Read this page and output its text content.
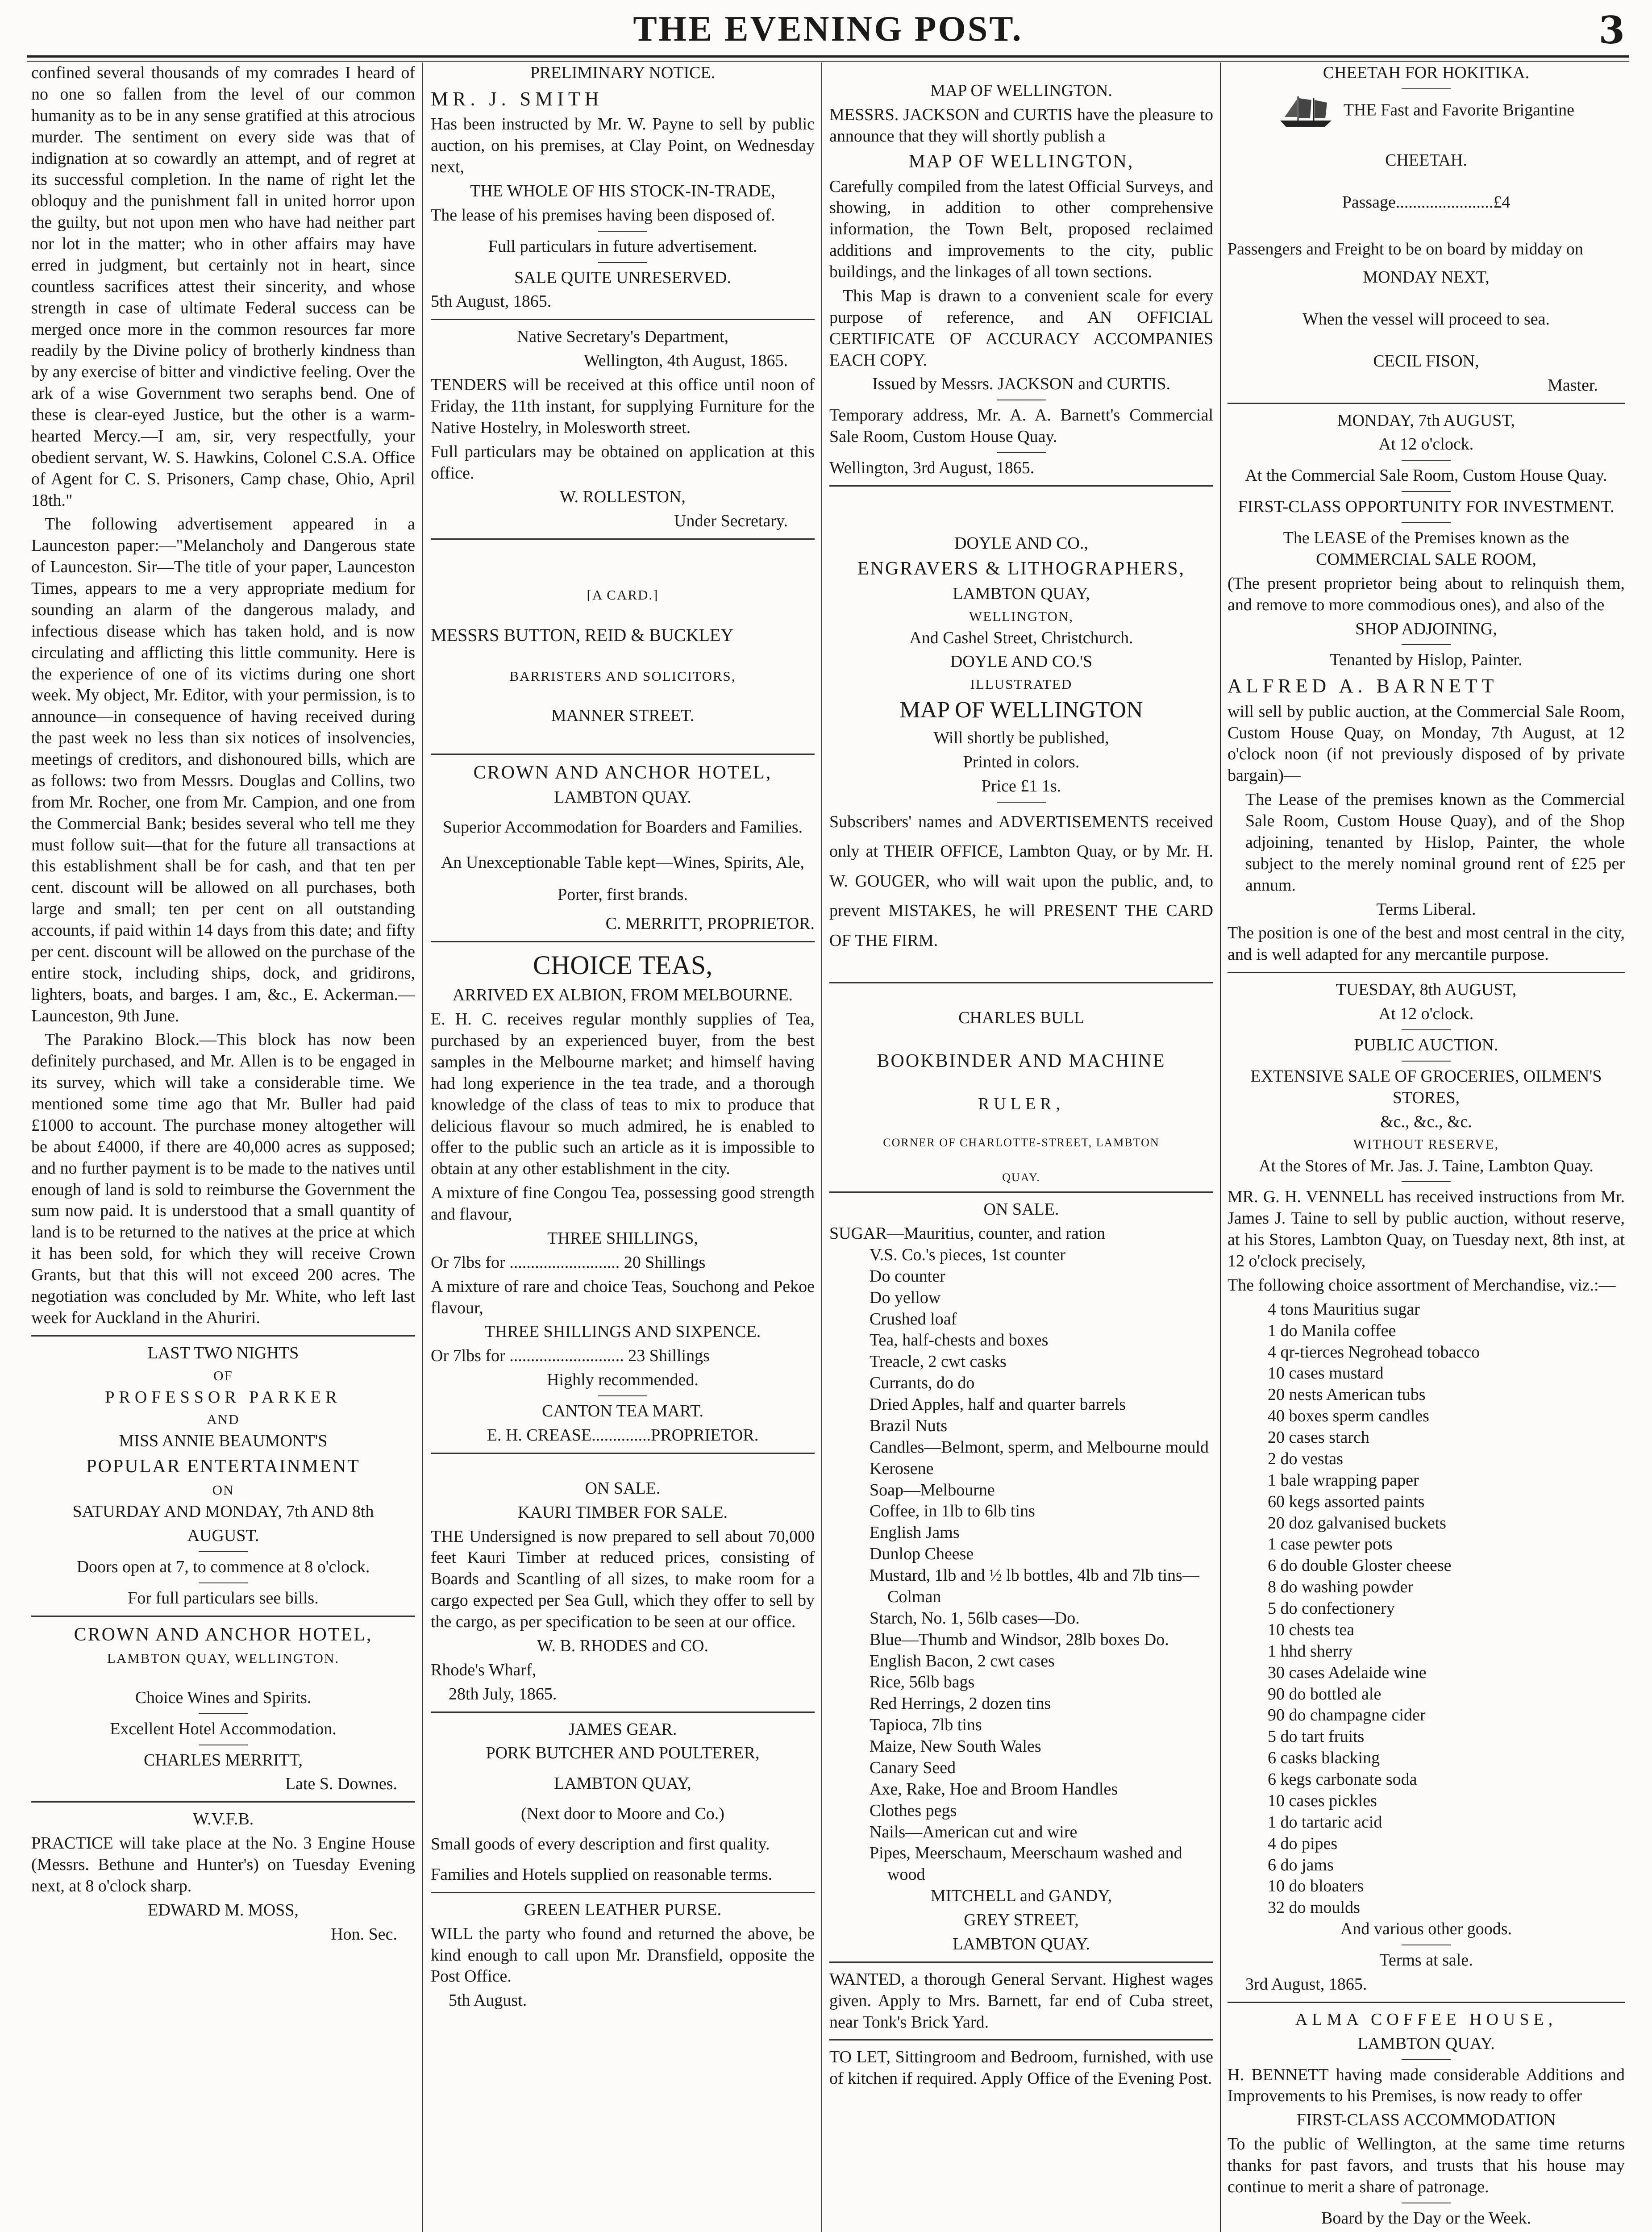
THE EVENING POST.	3

confined several thousands of my comrades I heard of no one so fallen from the level of our common humanity as to be in any sense gratified at this atrocious murder. The sentiment on every side was that of indignation at so cowardly an attempt, and of regret at its successful completion. In the name of right let the obloquy and the punishment fall in united horror upon the guilty, but not upon men who have had neither part nor lot in the matter; who in other affairs may have erred in judgment, but certainly not in heart, since countless sacrifices attest their sincerity, and whose strength in case of ultimate Federal success can be merged once more in the common resources far more readily by the Divine policy of brotherly kindness than by any exercise of bitter and vindictive feeling. Over the ark of a wise Government two seraphs bend. One of these is clear-eyed Justice, but the other is a warm-hearted Mercy.—I am, sir, very respectfully, your obedient servant, W. S. Hawkins, Colonel C.S.A. Office of Agent for C. S. Prisoners, Camp chase, Ohio, April 18th."

The following advertisement appeared in a Launceston paper:—"Melancholy and Dangerous state of Launceston. Sir—The title of your paper, Launceston Times, appears to me a very appropriate medium for sounding an alarm of the dangerous malady, and infectious disease which has taken hold, and is now circulating and afflicting this little community. Here is the experience of one of its victims during one short week. My object, Mr. Editor, with your permission, is to announce—in consequence of having received during the past week no less than six notices of insolvencies, meetings of creditors, and dishonoured bills, which are as follows: two from Messrs. Douglas and Collins, two from Mr. Rocher, one from Mr. Campion, and one from the Commercial Bank; besides several who tell me they must follow suit—that for the future all transactions at this establishment shall be for cash, and that ten per cent. discount will be allowed on all purchases, both large and small; ten per cent on all outstanding accounts, if paid within 14 days from this date; and fifty per cent. discount will be allowed on the purchase of the entire stock, including ships, dock, and gridirons, lighters, boats, and barges. I am, &c., E. Ackerman.—Launceston, 9th June.

The Parakino Block.—This block has now been definitely purchased, and Mr. Allen is to be engaged in its survey, which will take a considerable time. We mentioned some time ago that Mr. Buller had paid £1000 to account. The purchase money altogether will be about £4000, if there are 40,000 acres as supposed; and no further payment is to be made to the natives until enough of land is sold to reimburse the Government the sum now paid. It is understood that a small quantity of land is to be returned to the natives at the price at which it has been sold, for which they will receive Crown Grants, but that this will not exceed 200 acres. The negotiation was concluded by Mr. White, who left last week for Auckland in the Ahuriri.

LAST TWO NIGHTS

OF

PROFESSOR PARKER

AND

MISS ANNIE BEAUMONT'S

POPULAR ENTERTAINMENT

ON

SATURDAY AND MONDAY, 7th AND 8th

AUGUST.

Doors open at 7, to commence at 8 o'clock.

For full particulars see bills.

CROWN AND ANCHOR HOTEL,

LAMBTON QUAY, WELLINGTON.

Choice Wines and Spirits.

Excellent Hotel Accommodation.

CHARLES MERRITT,

Late S. Downes.

W.V.F.B.

PRACTICE will take place at the No. 3 Engine House (Messrs. Bethune and Hunter's) on Tuesday Evening next, at 8 o'clock sharp.

EDWARD M. MOSS,

Hon. Sec.

PRELIMINARY NOTICE.

MR. J. SMITH

Has been instructed by Mr. W. Payne to sell by public auction, on his premises, at Clay Point, on Wednesday next,

THE WHOLE OF HIS STOCK-IN-TRADE,

The lease of his premises having been disposed of.

Full particulars in future advertisement.

SALE QUITE UNRESERVED.

5th August, 1865.

Native Secretary's Department,

Wellington, 4th August, 1865.

TENDERS will be received at this office until noon of Friday, the 11th instant, for supplying Furniture for the Native Hostelry, in Molesworth street.

Full particulars may be obtained on application at this office.

W. ROLLESTON,

Under Secretary.

[A CARD.]

MESSRS BUTTON, REID & BUCKLEY

BARRISTERS AND SOLICITORS,

MANNER STREET.

CROWN AND ANCHOR HOTEL,

LAMBTON QUAY.

Superior Accommodation for Boarders and Families.

An Unexceptionable Table kept—Wines, Spirits, Ale, Porter, first brands.

C. MERRITT, PROPRIETOR.

CHOICE TEAS,

ARRIVED EX ALBION, FROM MELBOURNE.

E. H. C. receives regular monthly supplies of Tea, purchased by an experienced buyer, from the best samples in the Melbourne market; and himself having had long experience in the tea trade, and a thorough knowledge of the class of teas to mix to produce that delicious flavour so much admired, he is enabled to offer to the public such an article as it is impossible to obtain at any other establishment in the city.

A mixture of fine Congou Tea, possessing good strength and flavour,

THREE SHILLINGS,

Or 7lbs for .......................... 20 Shillings

A mixture of rare and choice Teas, Souchong and Pekoe flavour,

THREE SHILLINGS AND SIXPENCE.

Or 7lbs for ........................... 23 Shillings

Highly recommended.

CANTON TEA MART.

E. H. CREASE..............PROPRIETOR.

ON SALE.

KAURI TIMBER FOR SALE.

THE Undersigned is now prepared to sell about 70,000 feet Kauri Timber at reduced prices, consisting of Boards and Scantling of all sizes, to make room for a cargo expected per Sea Gull, which they offer to sell by the cargo, as per specification to be seen at our office.

W. B. RHODES and CO.

Rhode's Wharf,

28th July, 1865.

JAMES GEAR.

PORK BUTCHER AND POULTERER,

LAMBTON QUAY,

(Next door to Moore and Co.)

Small goods of every description and first quality.

Families and Hotels supplied on reasonable terms.

GREEN LEATHER PURSE.

WILL the party who found and returned the above, be kind enough to call upon Mr. Dransfield, opposite the Post Office.

5th August.

MAP OF WELLINGTON.

MESSRS. JACKSON and CURTIS have the pleasure to announce that they will shortly publish a

MAP OF WELLINGTON,

Carefully compiled from the latest Official Surveys, and showing, in addition to other comprehensive information, the Town Belt, proposed reclaimed additions and improvements to the city, public buildings, and the linkages of all town sections.

This Map is drawn to a convenient scale for every purpose of reference, and AN OFFICIAL CERTIFICATE OF ACCURACY ACCOMPANIES EACH COPY.

Issued by Messrs. JACKSON and CURTIS.

Temporary address, Mr. A. A. Barnett's Commercial Sale Room, Custom House Quay.

Wellington, 3rd August, 1865.

DOYLE AND CO.,

ENGRAVERS & LITHOGRAPHERS,

LAMBTON QUAY,

WELLINGTON,

And Cashel Street, Christchurch.

DOYLE AND CO.'S

ILLUSTRATED

MAP OF WELLINGTON

Will shortly be published,

Printed in colors.

Price £1 1s.

Subscribers' names and ADVERTISEMENTS received only at THEIR OFFICE, Lambton Quay, or by Mr. H. W. GOUGER, who will wait upon the public, and, to prevent MISTAKES, he will PRESENT THE CARD OF THE FIRM.

CHARLES BULL

BOOKBINDER AND MACHINE

RULER,

CORNER OF CHARLOTTE-STREET, LAMBTON

QUAY.

ON SALE.

SUGAR—Mauritius, counter, and ration

V.S. Co.'s pieces, 1st counter

Do counter

Do yellow

Crushed loaf

Tea, half-chests and boxes

Treacle, 2 cwt casks

Currants, do do

Dried Apples, half and quarter barrels

Brazil Nuts

Candles—Belmont, sperm, and Melbourne mould

Kerosene

Soap—Melbourne

Coffee, in 1lb to 6lb tins

English Jams

Dunlop Cheese

Mustard, 1lb and ½ lb bottles, 4lb and 7lb tins—Colman

Starch, No. 1, 56lb cases—Do.

Blue—Thumb and Windsor, 28lb boxes Do.

English Bacon, 2 cwt cases

Rice, 56lb bags

Red Herrings, 2 dozen tins

Tapioca, 7lb tins

Maize, New South Wales

Canary Seed

Axe, Rake, Hoe and Broom Handles

Clothes pegs

Nails—American cut and wire

Pipes, Meerschaum, Meerschaum washed and wood

MITCHELL and GANDY,

GREY STREET,

LAMBTON QUAY.

WANTED, a thorough General Servant. Highest wages given. Apply to Mrs. Barnett, far end of Cuba street, near Tonk's Brick Yard.

TO LET, Sittingroom and Bedroom, furnished, with use of kitchen if required. Apply Office of the Evening Post.

CHEETAH FOR HOKITIKA.

THE Fast and Favorite Brigantine

CHEETAH.

Passage.......................£4

Passengers and Freight to be on board by midday on

MONDAY NEXT,

When the vessel will proceed to sea.

CECIL FISON,

Master.

MONDAY, 7th AUGUST,

At 12 o'clock.

At the Commercial Sale Room, Custom House Quay.

FIRST-CLASS OPPORTUNITY FOR INVESTMENT.

The LEASE of the Premises known as the COMMERCIAL SALE ROOM,

(The present proprietor being about to relinquish them, and remove to more commodious ones), and also of the

SHOP ADJOINING,

Tenanted by Hislop, Painter.

ALFRED A. BARNETT

will sell by public auction, at the Commercial Sale Room, Custom House Quay, on Monday, 7th August, at 12 o'clock noon (if not previously disposed of by private bargain)—

The Lease of the premises known as the Commercial Sale Room, Custom House Quay), and of the Shop adjoining, tenanted by Hislop, Painter, the whole subject to the merely nominal ground rent of £25 per annum.

Terms Liberal.

The position is one of the best and most central in the city, and is well adapted for any mercantile purpose.

TUESDAY, 8th AUGUST,

At 12 o'clock.

PUBLIC AUCTION.

EXTENSIVE SALE OF GROCERIES, OILMEN'S STORES,

&c., &c., &c.

WITHOUT RESERVE,

At the Stores of Mr. Jas. J. Taine, Lambton Quay.

MR. G. H. VENNELL has received instructions from Mr. James J. Taine to sell by public auction, without reserve, at his Stores, Lambton Quay, on Tuesday next, 8th inst, at 12 o'clock precisely,

The following choice assortment of Merchandise, viz.:—

4 tons Mauritius sugar

1 do Manila coffee

4 qr-tierces Negrohead tobacco

10 cases mustard

20 nests American tubs

40 boxes sperm candles

20 cases starch

2 do vestas

1 bale wrapping paper

60 kegs assorted paints

20 doz galvanised buckets

1 case pewter pots

6 do double Gloster cheese

8 do washing powder

5 do confectionery

10 chests tea

1 hhd sherry

30 cases Adelaide wine

90 do bottled ale

90 do champagne cider

5 do tart fruits

6 casks blacking

6 kegs carbonate soda

10 cases pickles

1 do tartaric acid

4 do pipes

6 do jams

10 do bloaters

32 do moulds

And various other goods.

Terms at sale.

3rd August, 1865.

ALMA COFFEE HOUSE,

LAMBTON QUAY.

H. BENNETT having made considerable Additions and Improvements to his Premises, is now ready to offer

FIRST-CLASS ACCOMMODATION

To the public of Wellington, at the same time returns thanks for past favors, and trusts that his house may continue to merit a share of patronage.

Board by the Day or the Week.
